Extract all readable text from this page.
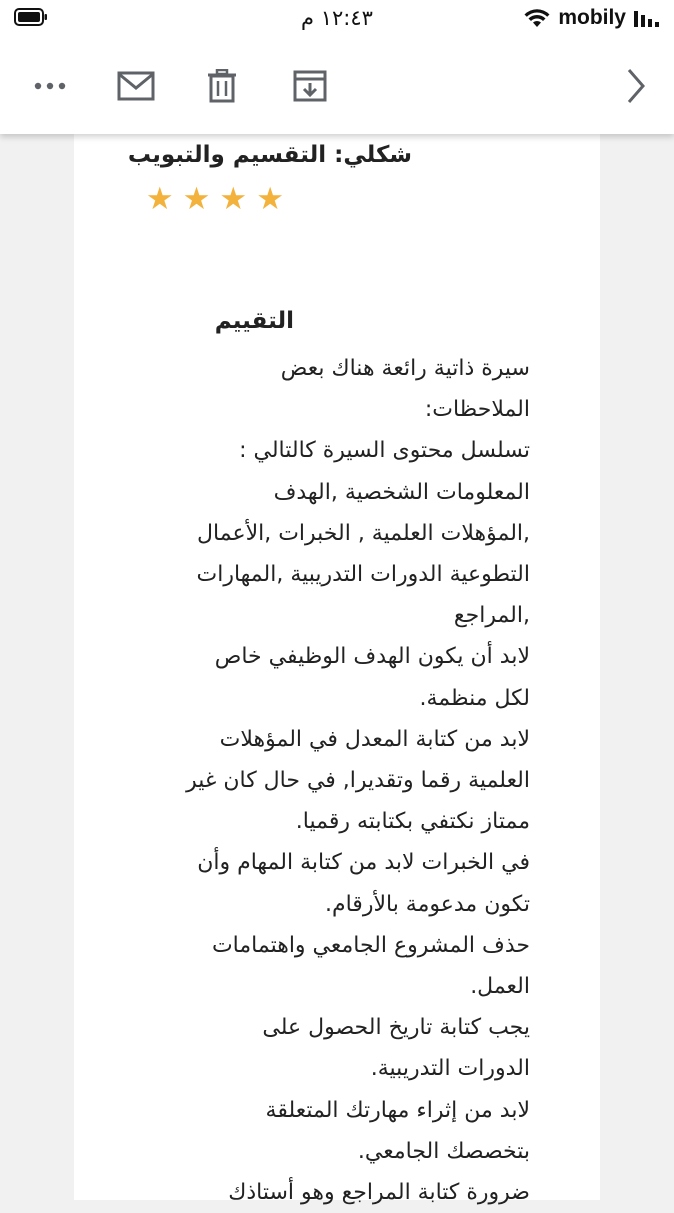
١٢:٤٣ م	mobily
شكلي: التقسيم والتبويب
★ ★ ★ ★
التقييم
سيرة ذاتية رائعة هناك بعض
الملاحظات:
تسلسل محتوى السيرة كالتالي :
المعلومات الشخصية ,الهدف
,المؤهلات العلمية , الخبرات ,الأعمال
التطوعية الدورات التدريبية ,المهارات
,المراجع
لابد أن يكون الهدف الوظيفي خاص
لكل منظمة.
لابد من كتابة المعدل في المؤهلات
العلمية رقما وتقديرا, في حال كان غير
ممتاز نكتفي بكتابته رقميا.
في الخبرات لابد من كتابة المهام وأن
تكون مدعومة بالأرقام.
حذف المشروع الجامعي واهتمامات
العمل.
يجب كتابة تاريخ الحصول على
الدورات التدريبية.
لابد من إثراء مهارتك المتعلقة
بتخصصك الجامعي.
ضرورة كتابة المراجع وهو أستاذك
